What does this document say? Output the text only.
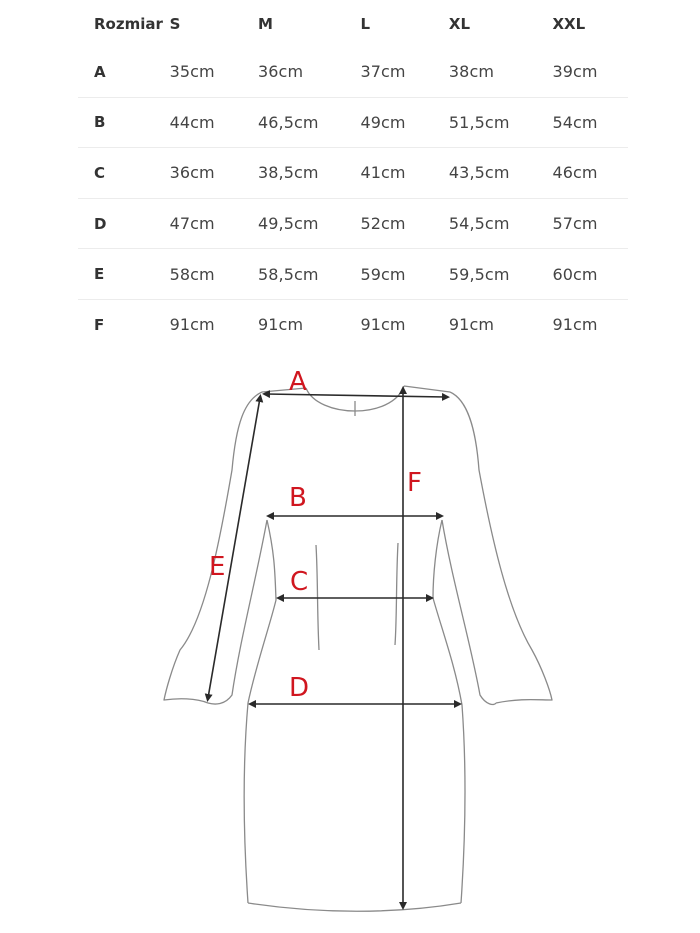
Rozmiar	S	M	L	XL	XXL
A	35cm	36cm	37cm	38cm	39cm
B	44cm	46,5cm	49cm	51,5cm	54cm
C	36cm	38,5cm	41cm	43,5cm	46cm
D	47cm	49,5cm	52cm	54,5cm	57cm
E	58cm	58,5cm	59cm	59,5cm	60cm
F	91cm	91cm	91cm	91cm	91cm
A
B
C
D
E
F
